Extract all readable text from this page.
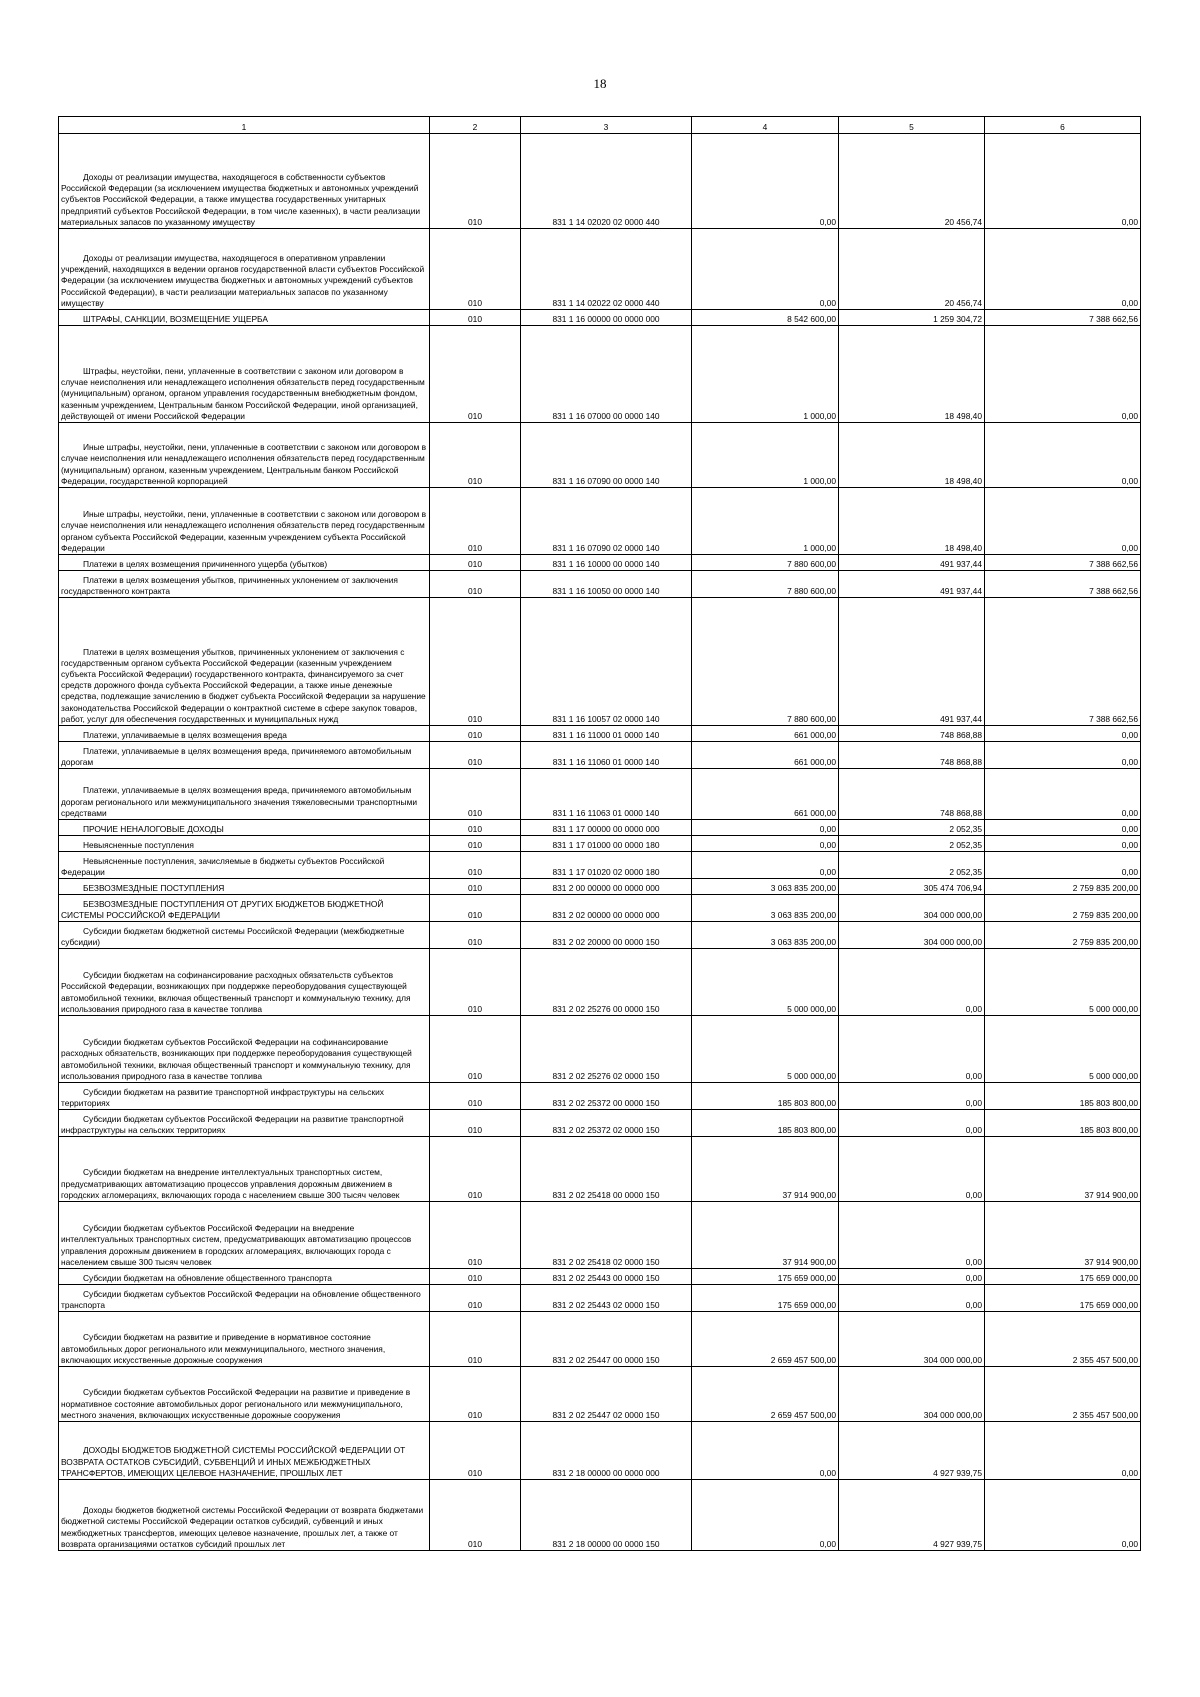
18
1	2	3	4	5	6

Доходы от реализации имущества, находящегося в собственности субъектов Российской Федерации (за исключением имущества бюджетных и автономных учреждений субъектов Российской Федерации, а также имущества государственных унитарных предприятий субъектов Российской Федерации, в том числе казенных), в части реализации материальных запасов по указанному имуществу	010	831 1 14 02020 02 0000 440	0,00	20 456,74	0,00

Доходы от реализации имущества, находящегося в оперативном управлении учреждений, находящихся в ведении органов государственной власти субъектов Российской Федерации (за исключением имущества бюджетных и автономных учреждений субъектов Российской Федерации), в части реализации материальных запасов по указанному имуществу	010	831 1 14 02022 02 0000 440	0,00	20 456,74	0,00

ШТРАФЫ, САНКЦИИ, ВОЗМЕЩЕНИЕ УЩЕРБА	010	831 1 16 00000 00 0000 000	8 542 600,00	1 259 304,72	7 388 662,56

Штрафы, неустойки, пени, уплаченные в соответствии с законом или договором в случае неисполнения или ненадлежащего исполнения обязательств перед государственным (муниципальным) органом, органом управления государственным внебюджетным фондом, казенным учреждением, Центральным банком Российской Федерации, иной организацией, действующей от имени Российской Федерации	010	831 1 16 07000 00 0000 140	1 000,00	18 498,40	0,00

Иные штрафы, неустойки, пени, уплаченные в соответствии с законом или договором в случае неисполнения или ненадлежащего исполнения обязательств перед государственным (муниципальным) органом, казенным учреждением, Центральным банком Российской Федерации, государственной корпорацией	010	831 1 16 07090 00 0000 140	1 000,00	18 498,40	0,00

Иные штрафы, неустойки, пени, уплаченные в соответствии с законом или договором в случае неисполнения или ненадлежащего исполнения обязательств перед государственным органом субъекта Российской Федерации, казенным учреждением субъекта Российской Федерации	010	831 1 16 07090 02 0000 140	1 000,00	18 498,40	0,00

Платежи в целях возмещения причиненного ущерба (убытков)	010	831 1 16 10000 00 0000 140	7 880 600,00	491 937,44	7 388 662,56

Платежи в целях возмещения убытков, причиненных уклонением от заключения государственного контракта	010	831 1 16 10050 00 0000 140	7 880 600,00	491 937,44	7 388 662,56

Платежи в целях возмещения убытков, причиненных уклонением от заключения с государственным органом субъекта Российской Федерации (казенным учреждением субъекта Российской Федерации) государственного контракта, финансируемого за счет средств дорожного фонда субъекта Российской Федерации, а также иные денежные средства, подлежащие зачислению в бюджет субъекта Российской Федерации за нарушение законодательства Российской Федерации о контрактной системе в сфере закупок товаров, работ, услуг для обеспечения государственных и муниципальных нужд	010	831 1 16 10057 02 0000 140	7 880 600,00	491 937,44	7 388 662,56

Платежи, уплачиваемые в целях возмещения вреда	010	831 1 16 11000 01 0000 140	661 000,00	748 868,88	0,00

Платежи, уплачиваемые в целях возмещения вреда, причиняемого автомобильным дорогам	010	831 1 16 11060 01 0000 140	661 000,00	748 868,88	0,00

Платежи, уплачиваемые в целях возмещения вреда, причиняемого автомобильным дорогам регионального или межмуниципального значения тяжеловесными транспортными средствами	010	831 1 16 11063 01 0000 140	661 000,00	748 868,88	0,00

ПРОЧИЕ НЕНАЛОГОВЫЕ ДОХОДЫ	010	831 1 17 00000 00 0000 000	0,00	2 052,35	0,00

Невыясненные поступления	010	831 1 17 01000 00 0000 180	0,00	2 052,35	0,00

Невыясненные поступления, зачисляемые в бюджеты субъектов Российской Федерации	010	831 1 17 01020 02 0000 180	0,00	2 052,35	0,00

БЕЗВОЗМЕЗДНЫЕ ПОСТУПЛЕНИЯ	010	831 2 00 00000 00 0000 000	3 063 835 200,00	305 474 706,94	2 759 835 200,00

БЕЗВОЗМЕЗДНЫЕ ПОСТУПЛЕНИЯ ОТ ДРУГИХ БЮДЖЕТОВ БЮДЖЕТНОЙ СИСТЕМЫ РОССИЙСКОЙ ФЕДЕРАЦИИ	010	831 2 02 00000 00 0000 000	3 063 835 200,00	304 000 000,00	2 759 835 200,00

Субсидии бюджетам бюджетной системы Российской Федерации (межбюджетные субсидии)	010	831 2 02 20000 00 0000 150	3 063 835 200,00	304 000 000,00	2 759 835 200,00

Субсидии бюджетам на софинансирование расходных обязательств субъектов Российской Федерации, возникающих при поддержке переоборудования существующей автомобильной техники, включая общественный транспорт и коммунальную технику, для использования природного газа в качестве топлива	010	831 2 02 25276 00 0000 150	5 000 000,00	0,00	5 000 000,00

Субсидии бюджетам субъектов Российской Федерации на софинансирование расходных обязательств, возникающих при поддержке переоборудования существующей автомобильной техники, включая общественный транспорт и коммунальную технику, для использования природного газа в качестве топлива	010	831 2 02 25276 02 0000 150	5 000 000,00	0,00	5 000 000,00

Субсидии бюджетам на развитие транспортной инфраструктуры на сельских территориях	010	831 2 02 25372 00 0000 150	185 803 800,00	0,00	185 803 800,00

Субсидии бюджетам субъектов Российской Федерации на развитие транспортной инфраструктуры на сельских территориях	010	831 2 02 25372 02 0000 150	185 803 800,00	0,00	185 803 800,00

Субсидии бюджетам на внедрение интеллектуальных транспортных систем, предусматривающих автоматизацию процессов управления дорожным движением в городских агломерациях, включающих города с населением свыше 300 тысяч человек	010	831 2 02 25418 00 0000 150	37 914 900,00	0,00	37 914 900,00

Субсидии бюджетам субъектов Российской Федерации на внедрение интеллектуальных транспортных систем, предусматривающих автоматизацию процессов управления дорожным движением в городских агломерациях, включающих города с населением свыше 300 тысяч человек	010	831 2 02 25418 02 0000 150	37 914 900,00	0,00	37 914 900,00

Субсидии бюджетам на обновление общественного транспорта	010	831 2 02 25443 00 0000 150	175 659 000,00	0,00	175 659 000,00

Субсидии бюджетам субъектов Российской Федерации на обновление общественного транспорта	010	831 2 02 25443 02 0000 150	175 659 000,00	0,00	175 659 000,00

Субсидии бюджетам на развитие и приведение в нормативное состояние автомобильных дорог регионального или межмуниципального, местного значения, включающих искусственные дорожные сооружения	010	831 2 02 25447 00 0000 150	2 659 457 500,00	304 000 000,00	2 355 457 500,00

Субсидии бюджетам субъектов Российской Федерации на развитие и приведение в нормативное состояние автомобильных дорог регионального или межмуниципального, местного значения, включающих искусственные дорожные сооружения	010	831 2 02 25447 02 0000 150	2 659 457 500,00	304 000 000,00	2 355 457 500,00

ДОХОДЫ БЮДЖЕТОВ БЮДЖЕТНОЙ СИСТЕМЫ РОССИЙСКОЙ ФЕДЕРАЦИИ ОТ ВОЗВРАТА ОСТАТКОВ СУБСИДИЙ, СУБВЕНЦИЙ И ИНЫХ МЕЖБЮДЖЕТНЫХ ТРАНСФЕРТОВ, ИМЕЮЩИХ ЦЕЛЕВОЕ НАЗНАЧЕНИЕ, ПРОШЛЫХ ЛЕТ	010	831 2 18 00000 00 0000 000	0,00	4 927 939,75	0,00

Доходы бюджетов бюджетной системы Российской Федерации от возврата бюджетами бюджетной системы Российской Федерации остатков субсидий, субвенций и иных межбюджетных трансфертов, имеющих целевое назначение, прошлых лет, а также от возврата организациями остатков субсидий прошлых лет	010	831 2 18 00000 00 0000 150	0,00	4 927 939,75	0,00
